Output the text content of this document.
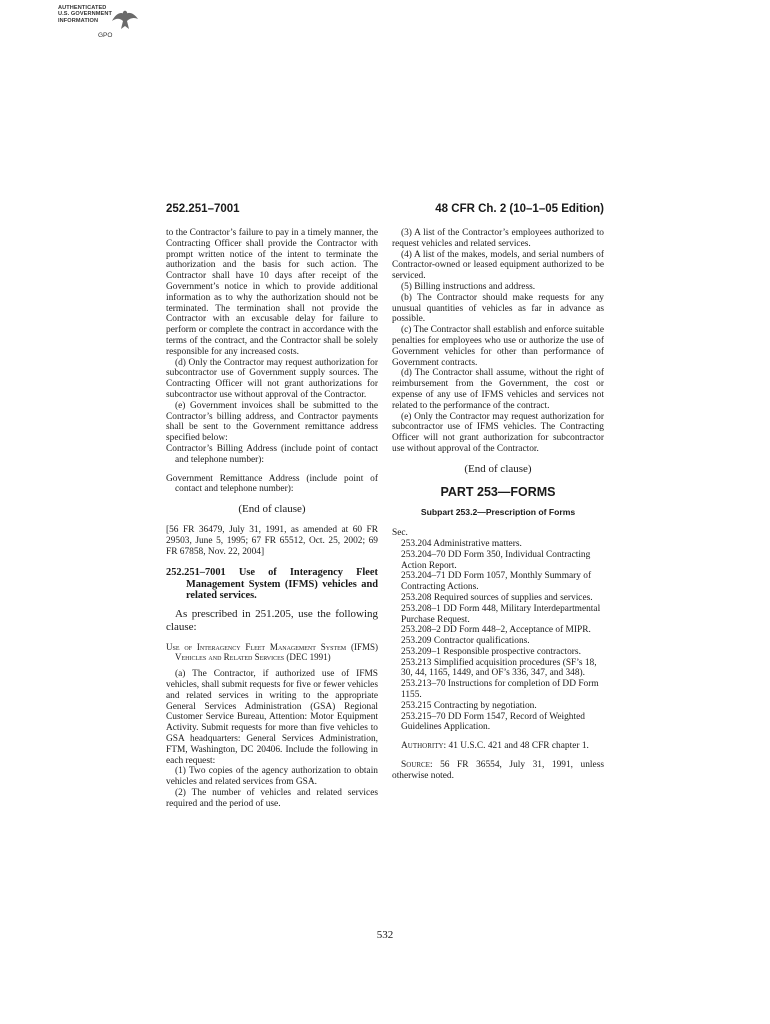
AUTHENTICATED
U.S. GOVERNMENT
INFORMATION
GPO
252.251–7001	48 CFR Ch. 2 (10–1–05 Edition)

to the Contractor’s failure to pay in a timely manner, the Contracting Officer shall provide the Contractor with prompt written notice of the intent to terminate the authorization and the basis for such action. The Contractor shall have 10 days after receipt of the Government’s notice in which to provide additional information as to why the authorization should not be terminated. The termination shall not provide the Contractor with an excusable delay for failure to perform or complete the contract in accordance with the terms of the contract, and the Contractor shall be solely responsible for any increased costs.

(d) Only the Contractor may request authorization for subcontractor use of Government supply sources. The Contracting Officer will not grant authorizations for subcontractor use without approval of the Contractor.

(e) Government invoices shall be submitted to the Contractor’s billing address, and Contractor payments shall be sent to the Government remittance address specified below:

Contractor’s Billing Address (include point of contact and telephone number):

Government Remittance Address (include point of contact and telephone number):

(End of clause)

[56 FR 36479, July 31, 1991, as amended at 60 FR 29503, June 5, 1995; 67 FR 65512, Oct. 25, 2002; 69 FR 67858, Nov. 22, 2004]

252.251–7001 Use of Interagency Fleet Management System (IFMS) vehicles and related services.

As prescribed in 251.205, use the following clause:

Use of Interagency Fleet Management System (IFMS) Vehicles and Related Services (DEC 1991)

(a) The Contractor, if authorized use of IFMS vehicles, shall submit requests for five or fewer vehicles and related services in writing to the appropriate General Services Administration (GSA) Regional Customer Service Bureau, Attention: Motor Equipment Activity. Submit requests for more than five vehicles to GSA headquarters: General Services Administration, FTM, Washington, DC 20406. Include the following in each request:

(1) Two copies of the agency authorization to obtain vehicles and related services from GSA.

(2) The number of vehicles and related services required and the period of use.

(3) A list of the Contractor’s employees authorized to request vehicles and related services.

(4) A list of the makes, models, and serial numbers of Contractor-owned or leased equipment authorized to be serviced.

(5) Billing instructions and address.

(b) The Contractor should make requests for any unusual quantities of vehicles as far in advance as possible.

(c) The Contractor shall establish and enforce suitable penalties for employees who use or authorize the use of Government vehicles for other than performance of Government contracts.

(d) The Contractor shall assume, without the right of reimbursement from the Government, the cost or expense of any use of IFMS vehicles and services not related to the performance of the contract.

(e) Only the Contractor may request authorization for subcontractor use of IFMS vehicles. The Contracting Officer will not grant authorization for subcontractor use without approval of the Contractor.

(End of clause)

PART 253—FORMS

Subpart 253.2—Prescription of Forms

Sec.

253.204 Administrative matters.

253.204–70 DD Form 350, Individual Contracting Action Report.

253.204–71 DD Form 1057, Monthly Summary of Contracting Actions.

253.208 Required sources of supplies and services.

253.208–1 DD Form 448, Military Interdepartmental Purchase Request.

253.208–2 DD Form 448–2, Acceptance of MIPR.

253.209 Contractor qualifications.

253.209–1 Responsible prospective contractors.

253.213 Simplified acquisition procedures (SF’s 18, 30, 44, 1165, 1449, and OF’s 336, 347, and 348).

253.213–70 Instructions for completion of DD Form 1155.

253.215 Contracting by negotiation.

253.215–70 DD Form 1547, Record of Weighted Guidelines Application.

Authority: 41 U.S.C. 421 and 48 CFR chapter 1.

Source: 56 FR 36554, July 31, 1991, unless otherwise noted.

532
